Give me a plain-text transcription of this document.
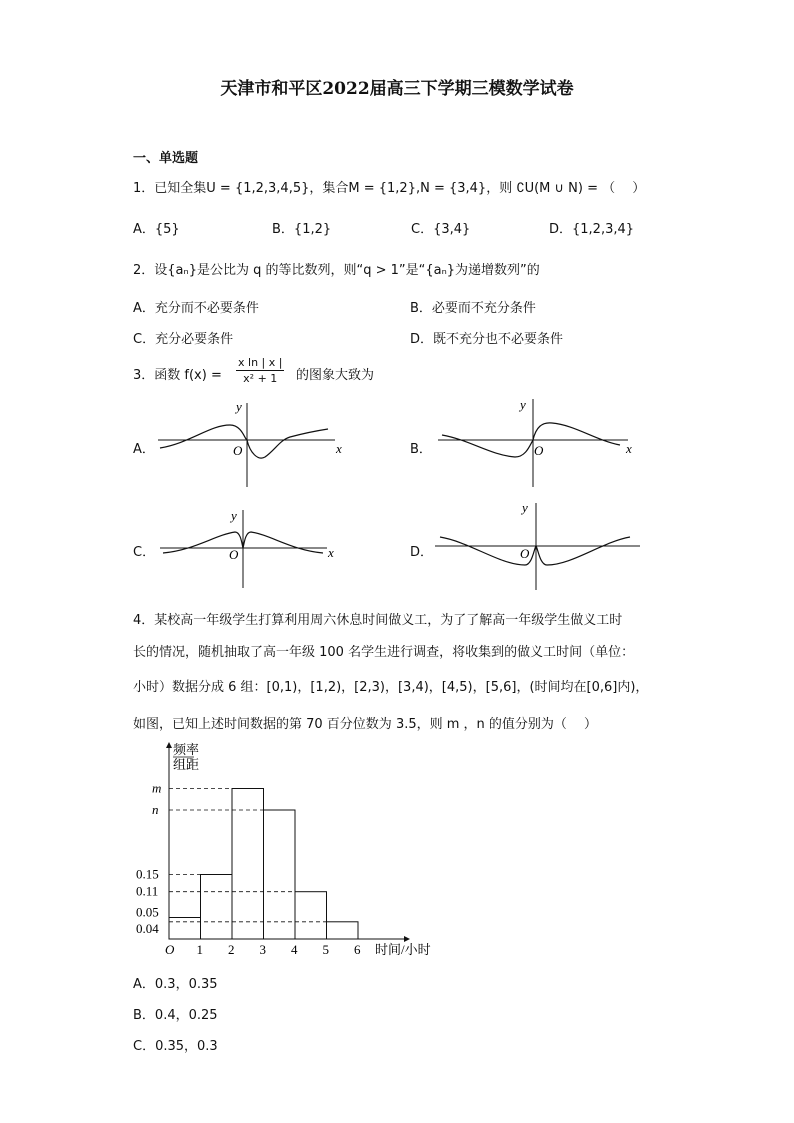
天津市和平区2022届高三下学期三模数学试卷
一、单选题
1．已知全集U = {1,2,3,4,5}，集合M = {1,2},N = {3,4}，则 ∁U(M ∪ N) = （　 ）
A．{5}	B．{1,2}	C．{3,4}	D．{1,2,3,4}
2．设{aₙ}是公比为 q 的等比数列，则“q > 1”是“{aₙ}为递增数列”的
A．充分而不必要条件	B．必要而不充分条件
C．充分必要条件	D．既不充分也不必要条件
3．函数 $f(x) = \frac{\text{x ln | x |}}{\text{x² + 1}}$ 的图象大致为
A．
y
x
O	B．
y
x
O
C．
y
x
O	D．
y
O
4．某校高一年级学生打算利用周六休息时间做义工，为了了解高一年级学生做义工时
长的情况，随机抽取了高一年级 100 名学生进行调查，将收集到的做义工时间（单位：
小时）数据分成 6 组：[0,1)，[1,2)，[2,3)，[3,4)，[4,5)，[5,6]，(时间均在[0,6]内)，
如图，已知上述时间数据的第 70 百分位数为 3.5，则 m ，n 的值分别为（　 ）
O 1 2 3 4 5 6
m
n
0.15
0.11
0.05
0.04
频率
组距
时间/小时
A．0.3，0.35
B．0.4，0.25
C．0.35，0.3
